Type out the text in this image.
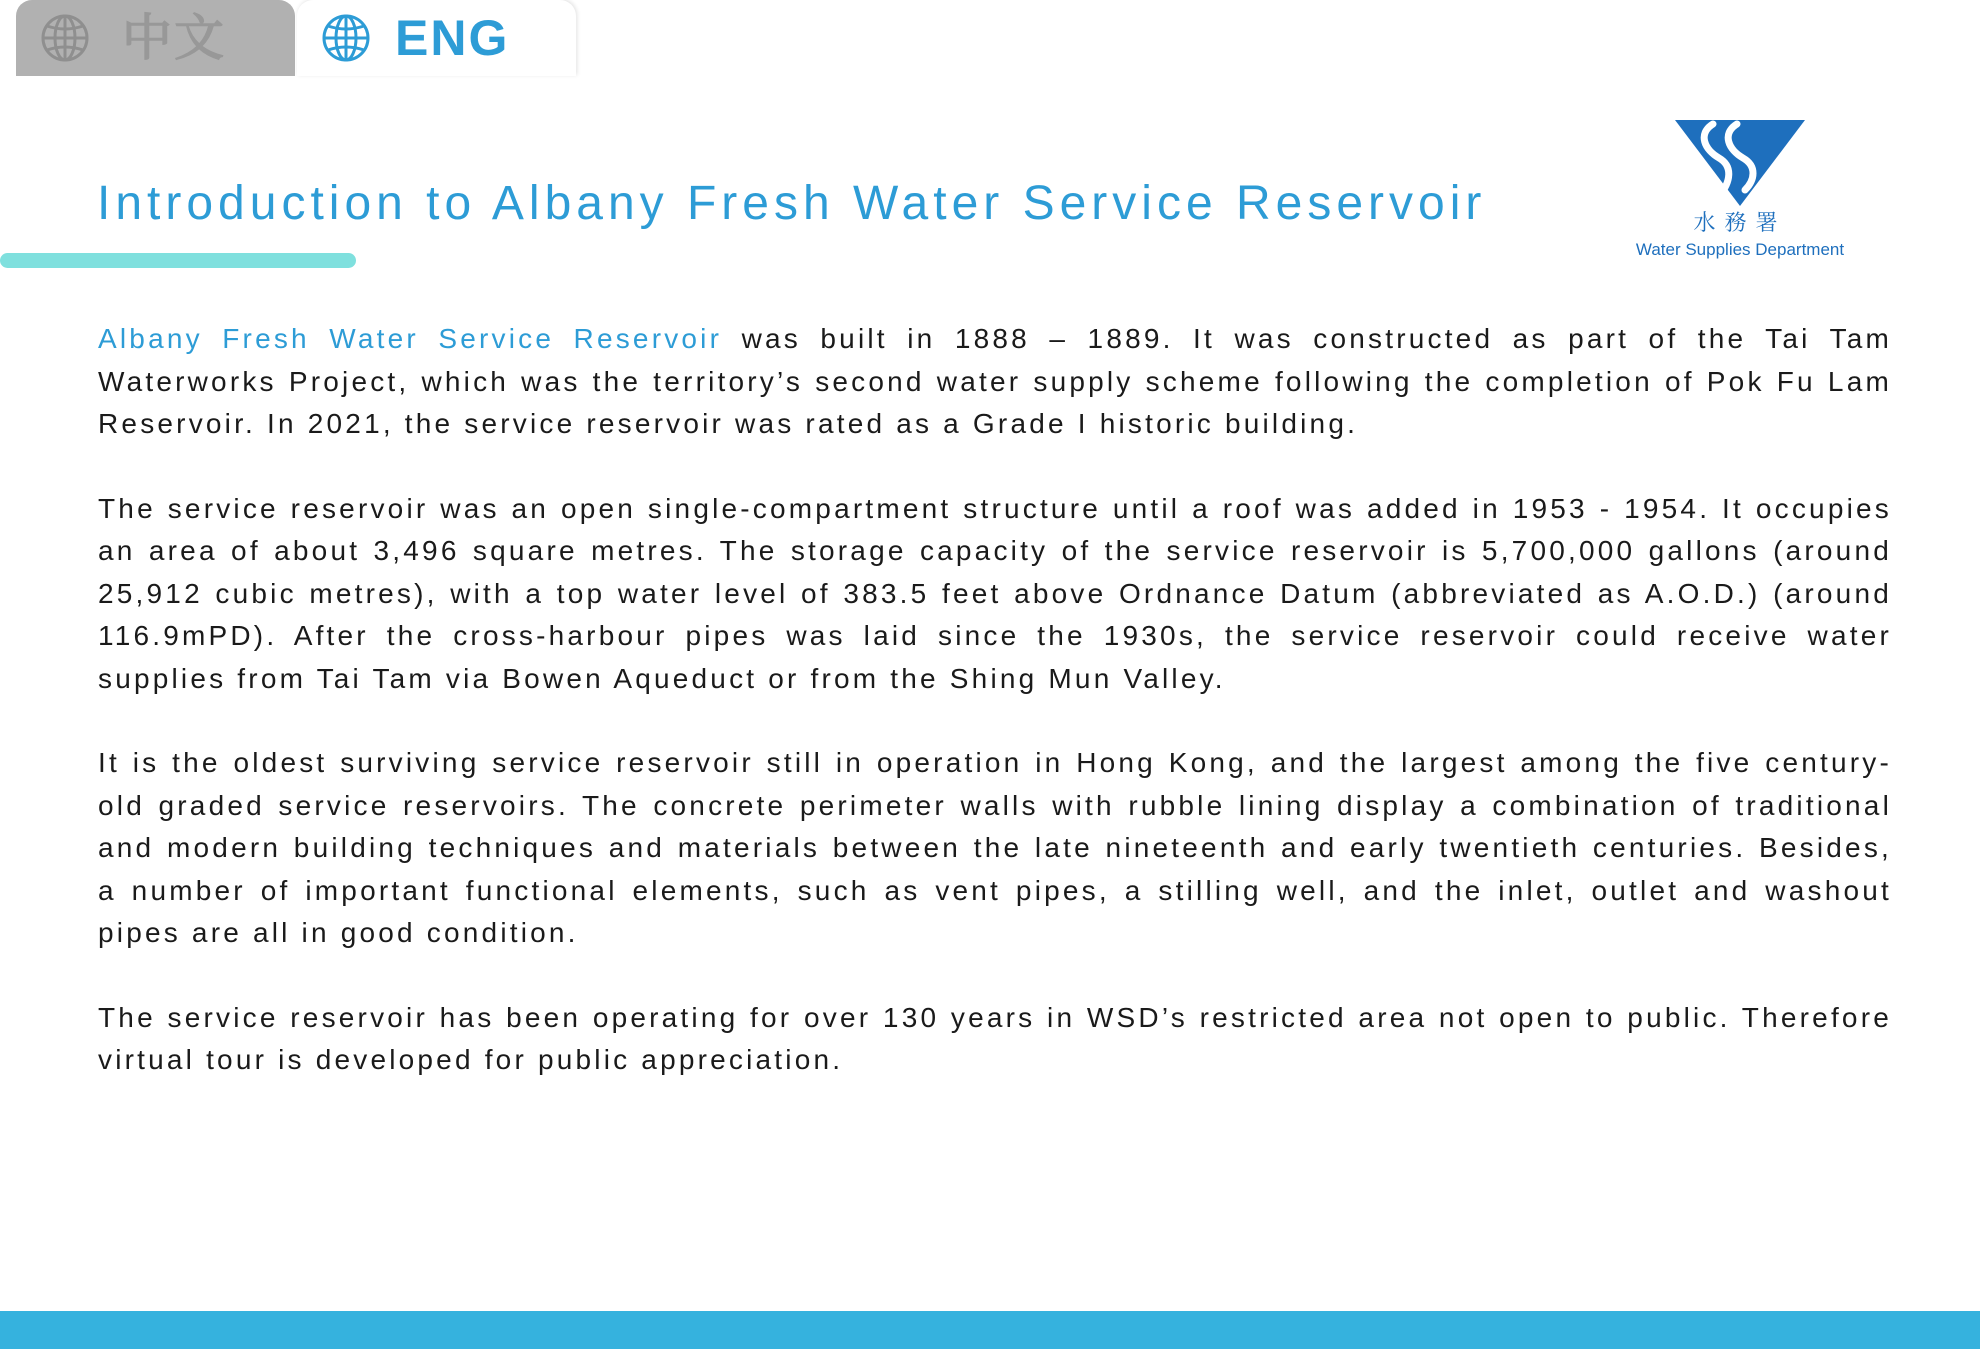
中文	ENG
Introduction to Albany Fresh Water Service Reservoir	水務署
Water Supplies Department

Albany Fresh Water Service Reservoir was built in 1888 – 1889. It was constructed as part of the Tai Tam Waterworks Project, which was the territory’s second water supply scheme following the completion of Pok Fu Lam Reservoir. In 2021, the service reservoir was rated as a Grade I historic building.

The service reservoir was an open single-compartment structure until a roof was added in 1953 - 1954. It occupies an area of about 3,496 square metres. The storage capacity of the service reservoir is 5,700,000 gallons (around 25,912 cubic metres), with a top water level of 383.5 feet above Ordnance Datum (abbreviated as A.O.D.) (around 116.9mPD). After the cross-harbour pipes was laid since the 1930s, the service reservoir could receive water supplies from Tai Tam via Bowen Aqueduct or from the Shing Mun Valley.

It is the oldest surviving service reservoir still in operation in Hong Kong, and the largest among the five century-old graded service reservoirs. The concrete perimeter walls with rubble lining display a combination of traditional and modern building techniques and materials between the late nineteenth and early twentieth centuries. Besides, a number of important functional elements, such as vent pipes, a stilling well, and the inlet, outlet and washout pipes are all in good condition.

The service reservoir has been operating for over 130 years in WSD’s restricted area not open to public. Therefore virtual tour is developed for public appreciation.
